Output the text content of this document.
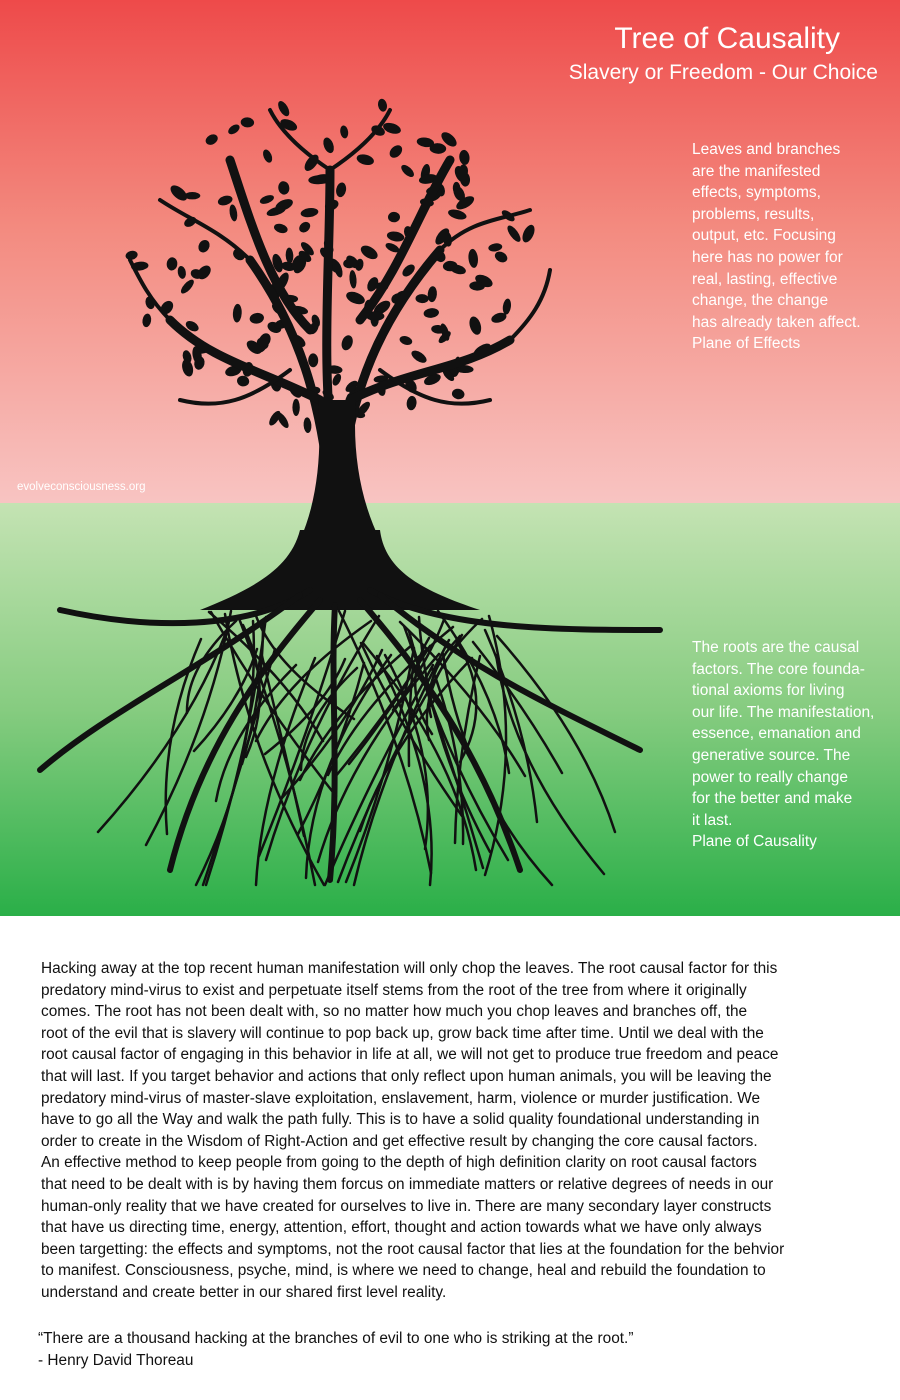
Tree of Causality
Slavery or Freedom - Our Choice
Leaves and branches
are the manifested
effects, symptoms,
problems, results,
output, etc. Focusing
here has no power for
real, lasting, effective
change, the change
has already taken affect.
Plane of Effects
The roots are the causal
factors. The core founda-
tional axioms for living
our life. The manifestation,
essence, emanation and
generative source. The
power to really change
for the better and make
it last.
Plane of Causality
evolveconsciousness.org
Hacking away at the top recent human manifestation will only chop the leaves. The root causal factor for this
predatory mind-virus to exist and perpetuate itself stems from the root of the tree from where it originally
comes. The root has not been dealt with, so no matter how much you chop leaves and branches off, the
root of the evil that is slavery will continue to pop back up, grow back time after time. Until we deal with the
root causal factor of engaging in this behavior in life at all, we will not get to produce true freedom and peace
that will last. If you target behavior and actions that only reflect upon human animals, you will be leaving the
predatory mind-virus of master-slave exploitation, enslavement, harm, violence or murder justification. We
have to go all the Way and walk the path fully. This is to have a solid quality foundational understanding in
order to create in the Wisdom of Right-Action and get effective result by changing the core causal factors.
An effective method to keep people from going to the depth of high definition clarity on root causal factors
that need to be dealt with is by having them forcus on immediate matters or relative degrees of needs in our
human-only reality that we have created for ourselves to live in. There are many secondary layer constructs
that have us directing time, energy, attention, effort, thought and action towards what we have only always
been targetting: the effects and symptoms, not the root causal factor that lies at the foundation for the behvior
to manifest. Consciousness, psyche, mind, is where we need to change, heal and rebuild the foundation to
understand and create better in our shared first level reality.
“There are a thousand hacking at the branches of evil to one who is striking at the root.”
- Henry David Thoreau
